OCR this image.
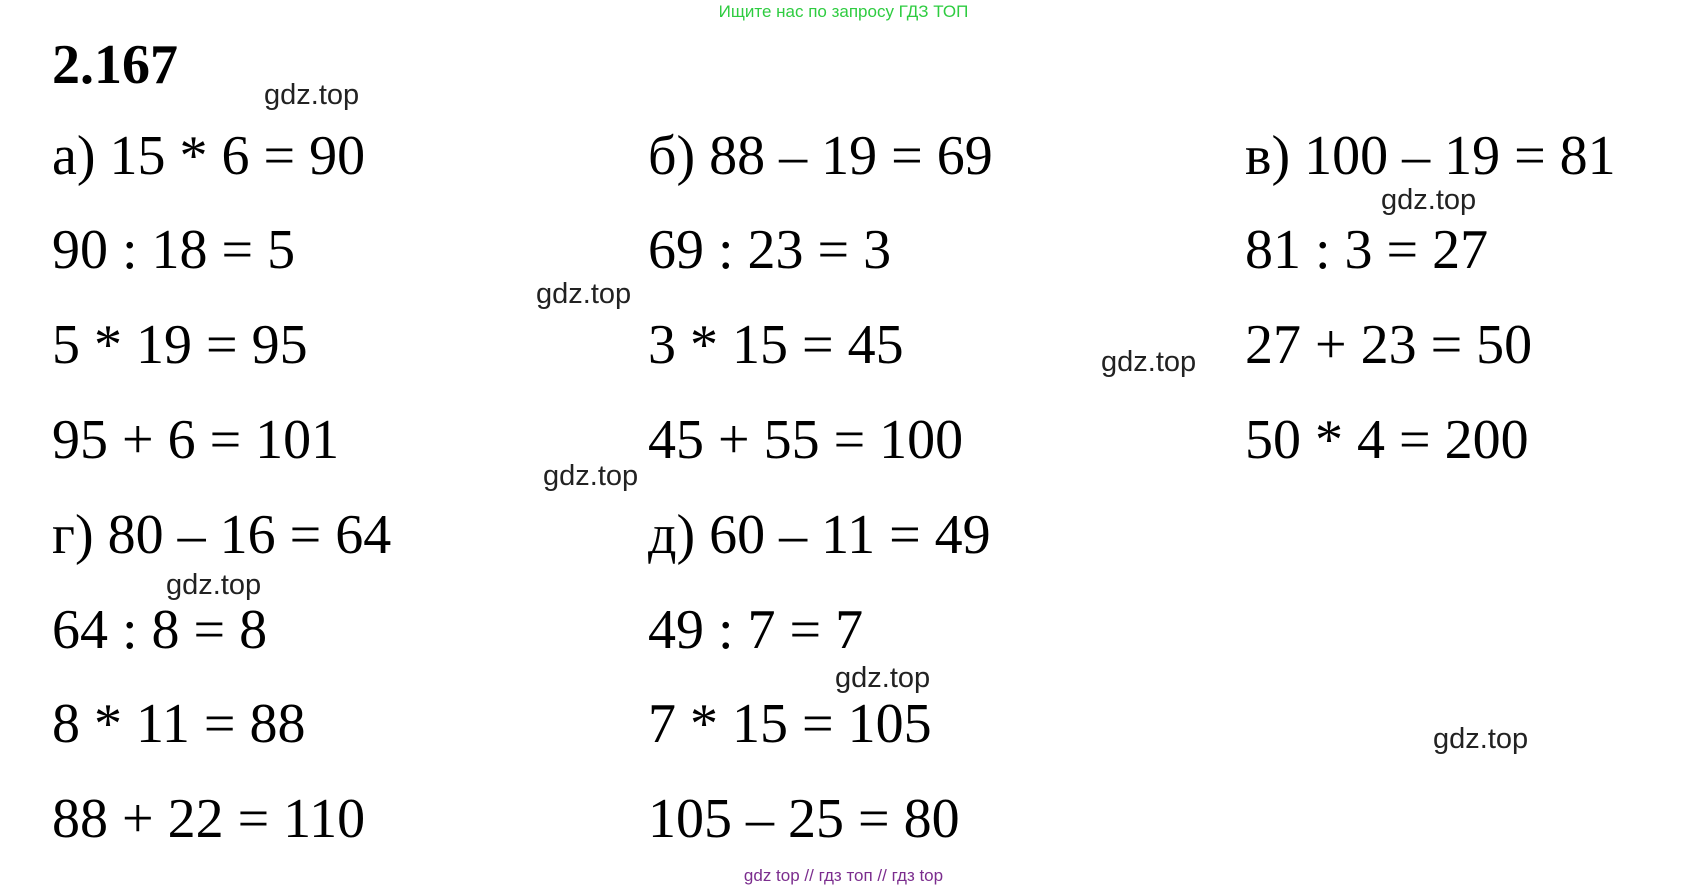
Ищите нас по запросу ГДЗ ТОП
2.167
а) 15 * 6 = 90
90 : 18 = 5
5 * 19 = 95
95 + 6 = 101
б) 88 – 19 = 69
69 : 23 = 3
3 * 15 = 45
45 + 55 = 100
в) 100 – 19 = 81
81 : 3 = 27
27 + 23 = 50
50 * 4 = 200
г) 80 – 16 = 64
64 : 8 = 8
8 * 11 = 88
88 + 22 = 110
д) 60 – 11 = 49
49 : 7 = 7
7 * 15 = 105
105 – 25 = 80
gdz.top
gdz.top
gdz.top
gdz.top
gdz.top
gdz.top
gdz.top
gdz.top
gdz top // гдз топ // гдз top
